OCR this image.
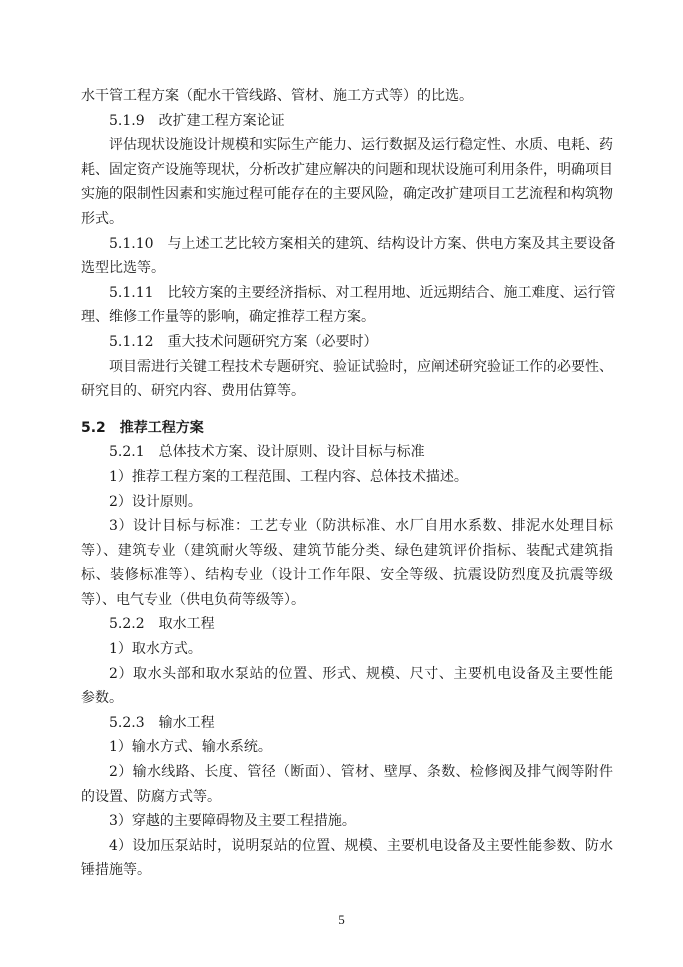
水干管工程方案（配水干管线路、管材、施工方式等）的比选。
5.1.9　改扩建工程方案论证
评估现状设施设计规模和实际生产能力、运行数据及运行稳定性、水质、电耗、药
耗、固定资产设施等现状，分析改扩建应解决的问题和现状设施可利用条件，明确项目
实施的限制性因素和实施过程可能存在的主要风险，确定改扩建项目工艺流程和构筑物
形式。
5.1.10　与上述工艺比较方案相关的建筑、结构设计方案、供电方案及其主要设备
选型比选等。
5.1.11　比较方案的主要经济指标、对工程用地、近远期结合、施工难度、运行管
理、维修工作量等的影响，确定推荐工程方案。
5.1.12　重大技术问题研究方案（必要时）
项目需进行关键工程技术专题研究、验证试验时，应阐述研究验证工作的必要性、
研究目的、研究内容、费用估算等。
5.2　推荐工程方案
5.2.1　总体技术方案、设计原则、设计目标与标准
1）推荐工程方案的工程范围、工程内容、总体技术描述。
2）设计原则。
3）设计目标与标准：工艺专业（防洪标准、水厂自用水系数、排泥水处理目标
等）、建筑专业（建筑耐火等级、建筑节能分类、绿色建筑评价指标、装配式建筑指
标、装修标准等）、结构专业（设计工作年限、安全等级、抗震设防烈度及抗震等级
等）、电气专业（供电负荷等级等）。
5.2.2　取水工程
1）取水方式。
2）取水头部和取水泵站的位置、形式、规模、尺寸、主要机电设备及主要性能
参数。
5.2.3　输水工程
1）输水方式、输水系统。
2）输水线路、长度、管径（断面）、管材、壁厚、条数、检修阀及排气阀等附件
的设置、防腐方式等。
3）穿越的主要障碍物及主要工程措施。
4）设加压泵站时，说明泵站的位置、规模、主要机电设备及主要性能参数、防水
锤措施等。
5
